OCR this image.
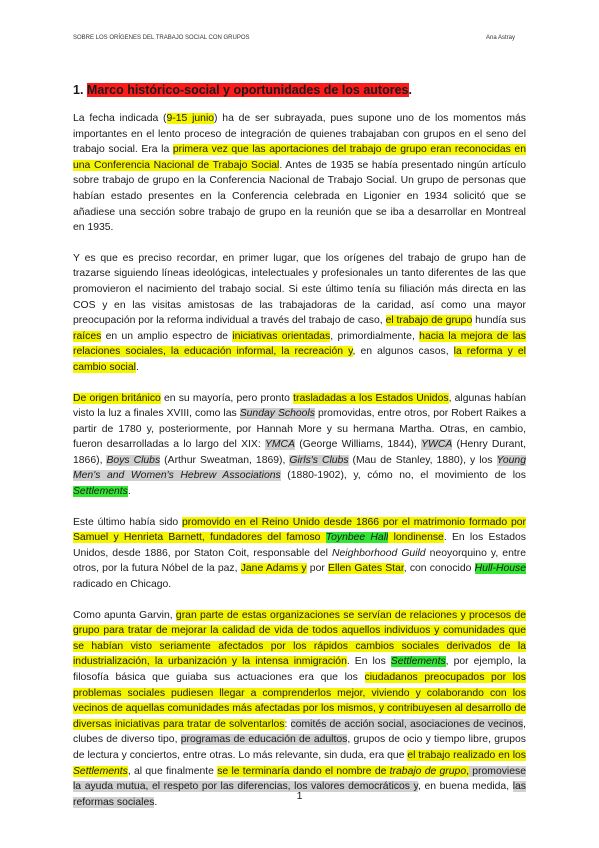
SOBRE LOS ORÍGENES DEL TRABAJO SOCIAL CON GRUPOS	Ana Astray
1. Marco histórico-social y oportunidades de los autores.

La fecha indicada (9-15 junio) ha de ser subrayada, pues supone uno de los momentos más importantes en el lento proceso de integración de quienes trabajaban con grupos en el seno del trabajo social. Era la primera vez que las aportaciones del trabajo de grupo eran reconocidas en una Conferencia Nacional de Trabajo Social. Antes de 1935 se había presentado ningún artículo sobre trabajo de grupo en la Conferencia Nacional de Trabajo Social. Un grupo de personas que habían estado presentes en la Conferencia celebrada en Ligonier en 1934 solicitó que se añadiese una sección sobre trabajo de grupo en la reunión que se iba a desarrollar en Montreal en 1935.

Y es que es preciso recordar, en primer lugar, que los orígenes del trabajo de grupo han de trazarse siguiendo líneas ideológicas, intelectuales y profesionales un tanto diferentes de las que promovieron el nacimiento del trabajo social. Si este último tenía su filiación más directa en las COS y en las visitas amistosas de las trabajadoras de la caridad, así como una mayor preocupación por la reforma individual a través del trabajo de caso, el trabajo de grupo hundía sus raíces en un amplio espectro de iniciativas orientadas, primordialmente, hacia la mejora de las relaciones sociales, la educación informal, la recreación y, en algunos casos, la reforma y el cambio social.

De origen británico en su mayoría, pero pronto trasladadas a los Estados Unidos, algunas habían visto la luz a finales XVIII, como las Sunday Schools promovidas, entre otros, por Robert Raikes a partir de 1780 y, posteriormente, por Hannah More y su hermana Martha. Otras, en cambio, fueron desarrolladas a lo largo del XIX: YMCA (George Williams, 1844), YWCA (Henry Durant, 1866), Boys Clubs (Arthur Sweatman, 1869), Girls's Clubs (Mau de Stanley, 1880), y los Young Men's and Women's Hebrew Associations (1880-1902), y, cómo no, el movimiento de los Settlements.

Este último había sido promovido en el Reino Unido desde 1866 por el matrimonio formado por Samuel y Henrieta Barnett, fundadores del famoso Toynbee Hall londinense. En los Estados Unidos, desde 1886, por Staton Coit, responsable del Neighborhood Guild neoyorquino y, entre otros, por la futura Nóbel de la paz, Jane Adams y por Ellen Gates Star, con conocido Hull-House radicado en Chicago.

Como apunta Garvin, gran parte de estas organizaciones se servían de relaciones y procesos de grupo para tratar de mejorar la calidad de vida de todos aquellos individuos y comunidades que se habían visto seriamente afectados por los rápidos cambios sociales derivados de la industrialización, la urbanización y la intensa inmigración. En los Settlements, por ejemplo, la filosofía básica que guiaba sus actuaciones era que los ciudadanos preocupados por los problemas sociales pudiesen llegar a comprenderlos mejor, viviendo y colaborando con los vecinos de aquellas comunidades más afectadas por los mismos, y contribuyesen al desarrollo de diversas iniciativas para tratar de solventarlos: comités de acción social, asociaciones de vecinos, clubes de diverso tipo, programas de educación de adultos, grupos de ocio y tiempo libre, grupos de lectura y conciertos, entre otras. Lo más relevante, sin duda, era que el trabajo realizado en los Settlements, al que finalmente se le terminaría dando el nombre de trabajo de grupo, promoviese la ayuda mutua, el respeto por las diferencias, los valores democráticos y, en buena medida, las reformas sociales.

1
